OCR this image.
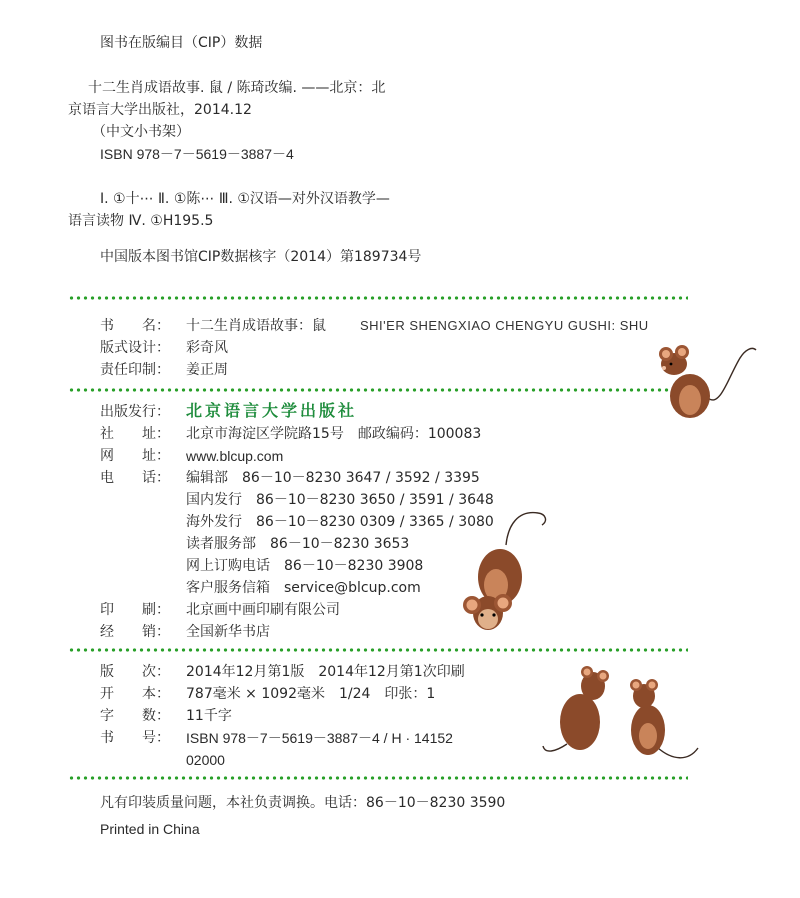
图书在版编目（CIP）数据
十二生肖成语故事. 鼠 / 陈琦改编. ——北京：北
京语言大学出版社，2014.12
（中文小书架）
ISBN 978－7－5619－3887－4
Ⅰ. ①十⋯ Ⅱ. ①陈⋯ Ⅲ. ①汉语—对外汉语教学—
语言读物 Ⅳ. ①H195.5
中国版本图书馆CIP数据核字（2014）第189734号
书　　名： 十二生肖成语故事：鼠	SHI'ER SHENGXIAO CHENGYU GUSHI: SHU
版式设计： 彩奇风
责任印制： 姜正周
出版发行： 北京语言大学出版社
社　　址： 北京市海淀区学院路15号　邮政编码：100083
网　　址： www.blcup.com
电　　话： 编辑部　86－10－8230 3647 / 3592 / 3395
国内发行　86－10－8230 3650 / 3591 / 3648
海外发行　86－10－8230 0309 / 3365 / 3080
读者服务部　86－10－8230 3653
网上订购电话　86－10－8230 3908
客户服务信箱　service@blcup.com
印　　刷： 北京画中画印刷有限公司
经　　销： 全国新华书店
版　　次： 2014年12月第1版　2014年12月第1次印刷
开　　本： 787毫米 × 1092毫米　1/24　印张：1
字　　数： 11千字
书　　号： ISBN 978－7－5619－3887－4 / H · 14152
02000
凡有印装质量问题，本社负责调换。电话：86－10－8230 3590
Printed in China
